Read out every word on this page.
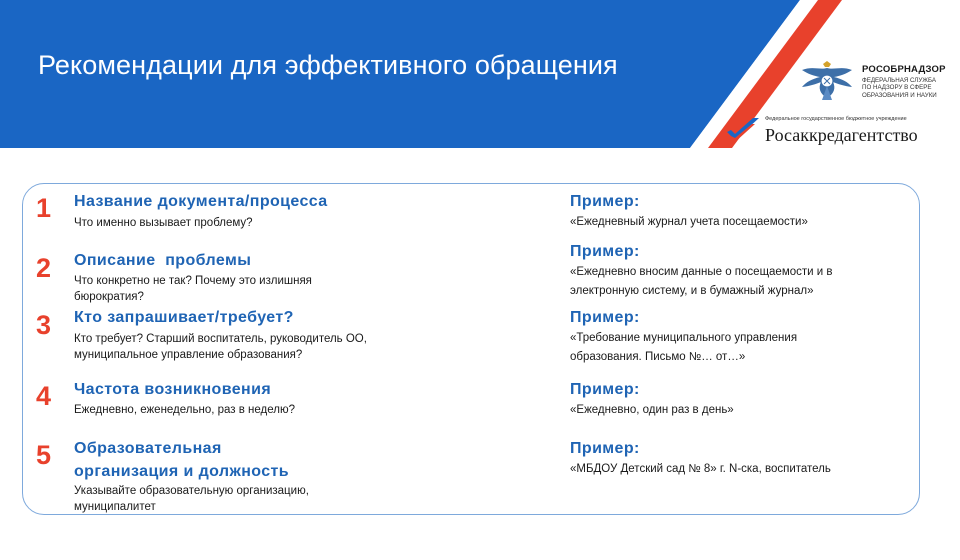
Рекомендации для эффективного обращения	РОСОБРНАДЗОР
ФЕДЕРАЛЬНАЯ СЛУЖБА
ПО НАДЗОРУ В СФЕРЕ
ОБРАЗОВАНИЯ И НАУКИ
Федеральное государственное бюджетное учреждение
Росаккредагентство
1 Название документа/процесса
Что именно вызывает проблему?
Пример:
«Ежедневный журнал учета посещаемости»
2 Описание  проблемы
Что конкретно не так? Почему это излишняя
бюрократия?
Пример:
«Ежедневно вносим данные о посещаемости и в
электронную систему, и в бумажный журнал»
3 Кто запрашивает/требует?
Кто требует? Старший воспитатель, руководитель ОО,
муниципальное управление образования?
Пример:
«Требование муниципального управления
образования. Письмо №… от…»
4 Частота возникновения
Ежедневно, еженедельно, раз в неделю?
Пример:
«Ежедневно, один раз в день»
5 Образовательная
организация и должность
Указывайте образовательную организацию,
муниципалитет
Пример:
«МБДОУ Детский сад № 8» г. N-ска, воспитатель
